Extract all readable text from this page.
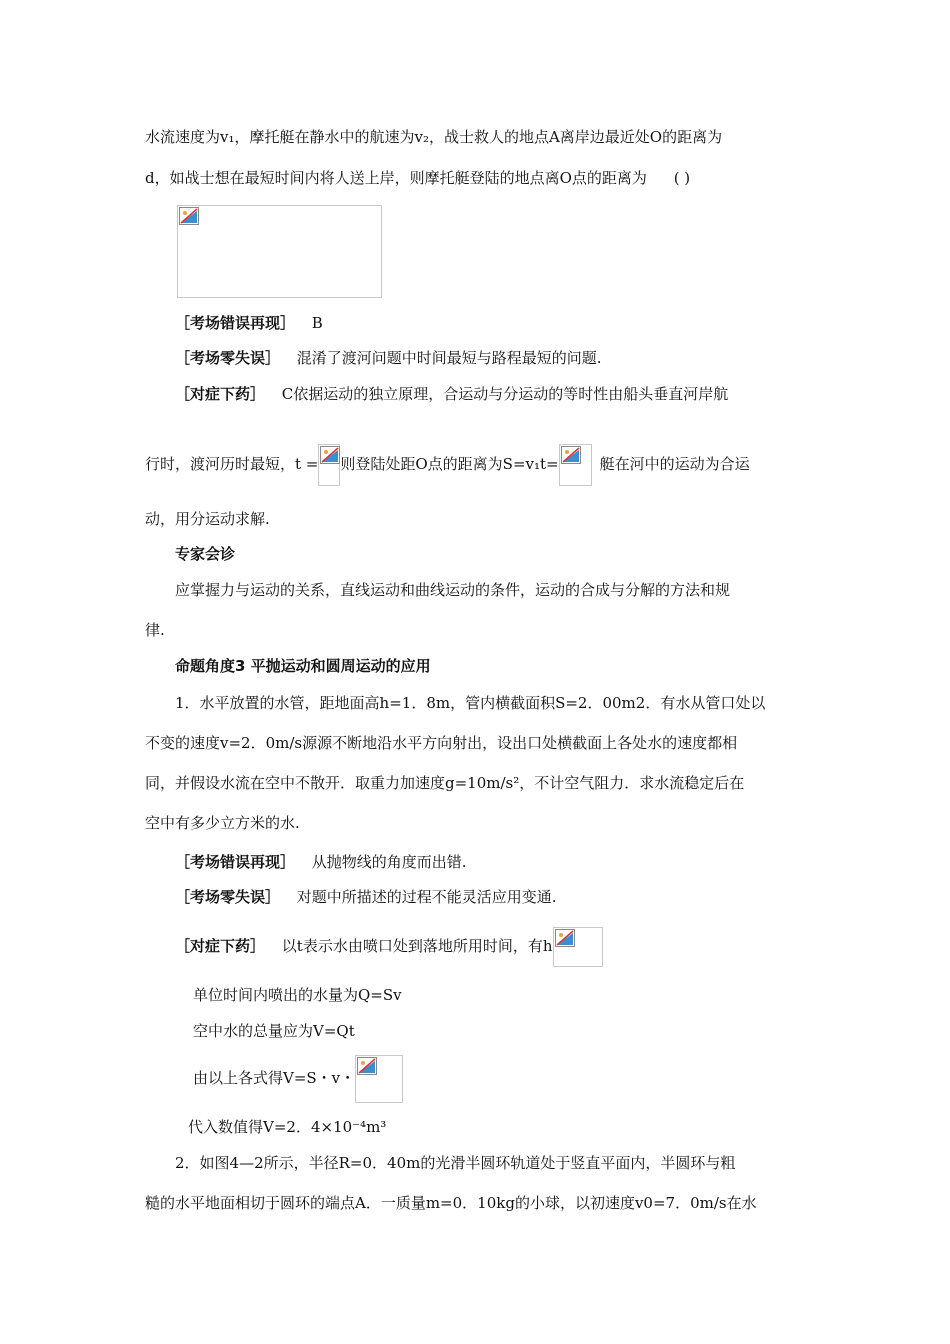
水流速度为v₁，摩托艇在静水中的航速为v₂，战士救人的地点A离岸边最近处O的距离为
d，如战士想在最短时间内将人送上岸，则摩托艇登陆的地点离O点的距离为 ( )
［考场错误再现］ B
［考场零失误］ 混淆了渡河问题中时间最短与路程最短的问题.
［对症下药］ C依据运动的独立原理，合运动与分运动的等时性由船头垂直河岸航
行时，渡河历时最短，t = 则登陆处距O点的距离为S=v₁t=	艇在河中的运动为合运
动，用分运动求解.
专家会诊
应掌握力与运动的关系，直线运动和曲线运动的条件，运动的合成与分解的方法和规
律.
命题角度3 平抛运动和圆周运动的应用
1．水平放置的水管，距地面高h=1．8m，管内横截面积S=2．00m2．有水从管口处以
不变的速度v=2．0m/s源源不断地沿水平方向射出，设出口处横截面上各处水的速度都相
同，并假设水流在空中不散开．取重力加速度g=10m/s²，不计空气阻力．求水流稳定后在
空中有多少立方米的水.
［考场错误再现］ 从抛物线的角度而出错.
［考场零失误］ 对题中所描述的过程不能灵活应用变通.
［对症下药］ 以t表示水由喷口处到落地所用时间，有h
单位时间内喷出的水量为Q=Sv
空中水的总量应为V=Qt
由以上各式得V=S・v・
代入数值得V=2．4×10⁻⁴m³
2．如图4—2所示，半径R=0．40m的光滑半圆环轨道处于竖直平面内，半圆环与粗
糙的水平地面相切于圆环的端点A．一质量m=0．10kg的小球，以初速度v0=7．0m/s在水
